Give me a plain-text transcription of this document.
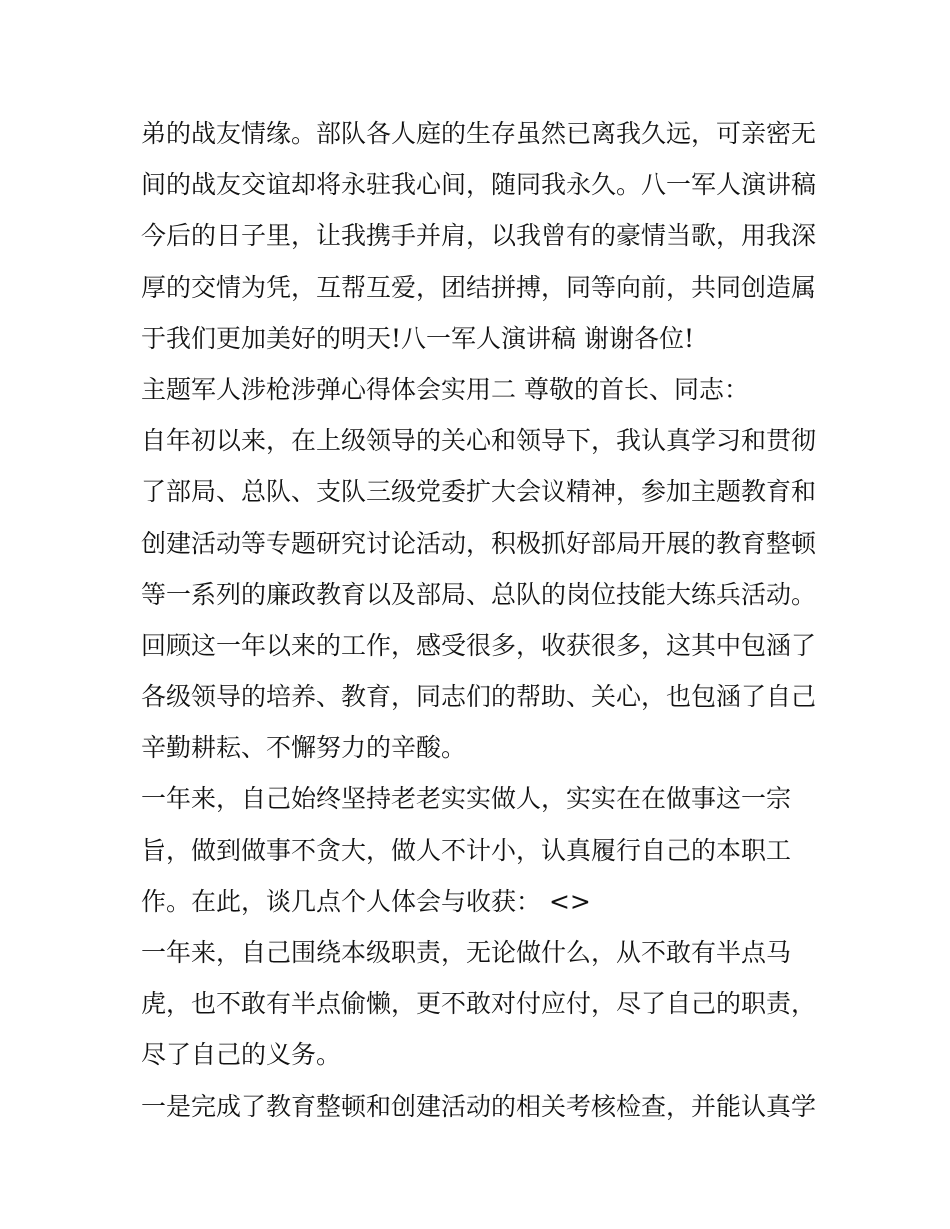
弟的战友情缘。部队各人庭的生存虽然已离我久远，可亲密无
间的战友交谊却将永驻我心间，随同我永久。八一军人演讲稿
今后的日子里，让我携手并肩，以我曾有的豪情当歌，用我深
厚的交情为凭，互帮互爱，团结拼搏，同等向前，共同创造属
于我们更加美好的明天!八一军人演讲稿 谢谢各位!
主题军人涉枪涉弹心得体会实用二 尊敬的首长、同志：
自年初以来，在上级领导的关心和领导下，我认真学习和贯彻
了部局、总队、支队三级党委扩大会议精神，参加主题教育和
创建活动等专题研究讨论活动，积极抓好部局开展的教育整顿
等一系列的廉政教育以及部局、总队的岗位技能大练兵活动。
回顾这一年以来的工作，感受很多，收获很多，这其中包涵了
各级领导的培养、教育，同志们的帮助、关心，也包涵了自己
辛勤耕耘、不懈努力的辛酸。
一年来，自己始终坚持老老实实做人，实实在在做事这一宗
旨，做到做事不贪大，做人不计小，认真履行自己的本职工
作。在此，谈几点个人体会与收获： <>
一年来，自己围绕本级职责，无论做什么，从不敢有半点马
虎，也不敢有半点偷懒，更不敢对付应付，尽了自己的职责，
尽了自己的义务。
一是完成了教育整顿和创建活动的相关考核检查，并能认真学
